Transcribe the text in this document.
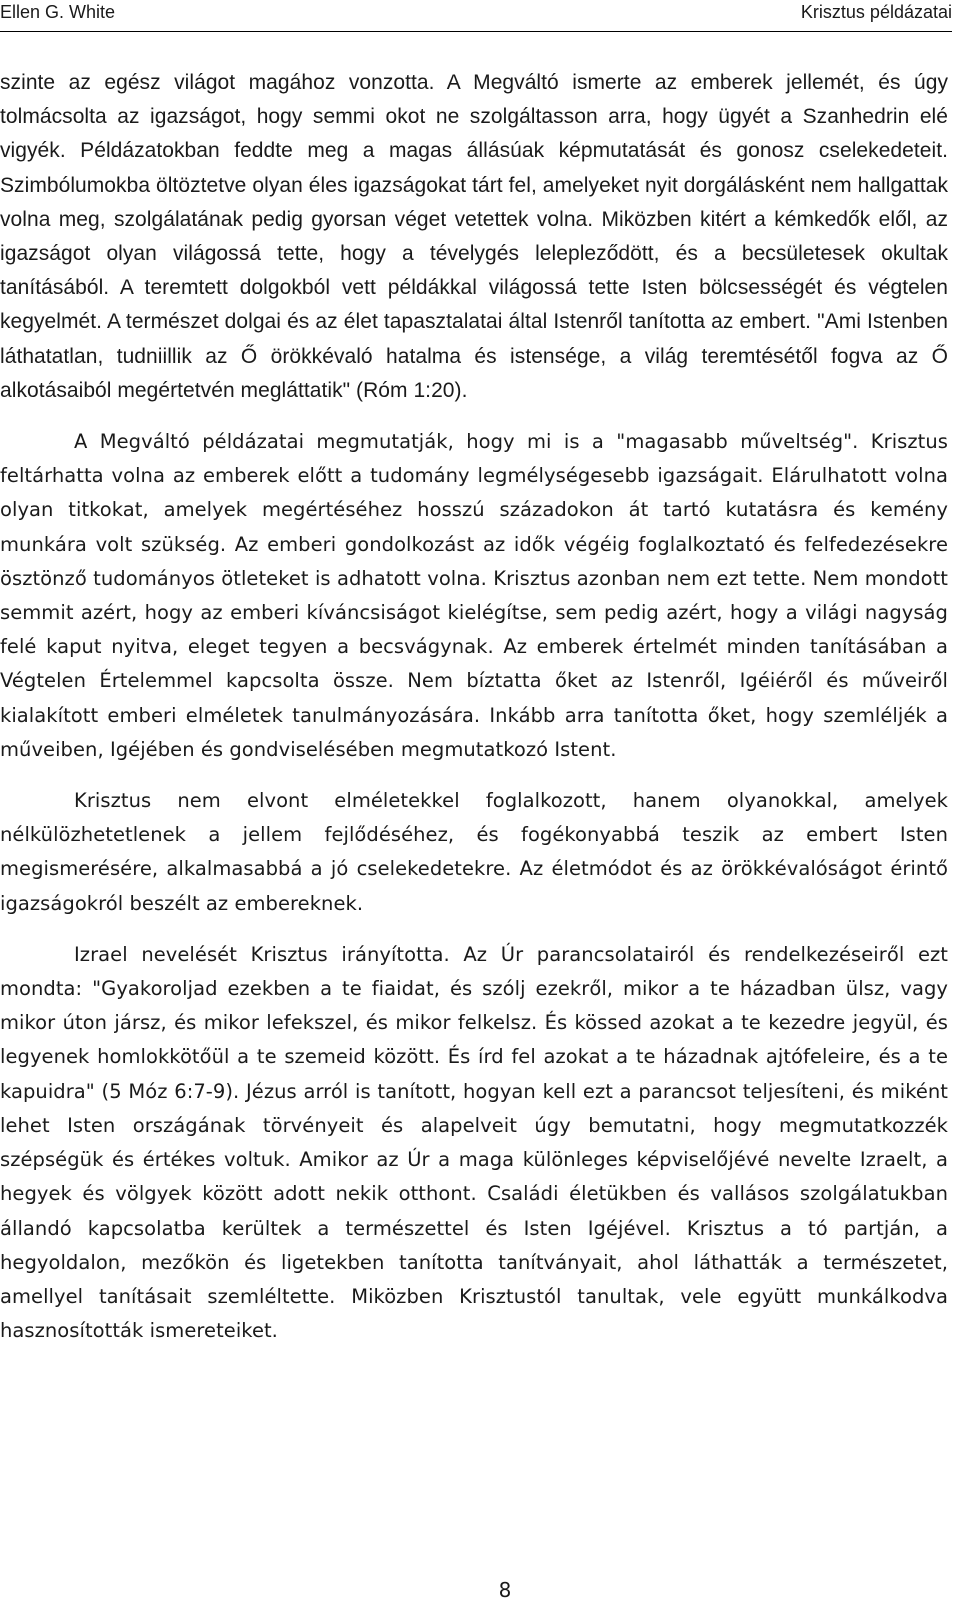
Ellen G. White	Krisztus példázatai

szinte az egész világot magához vonzotta. A Megváltó ismerte az emberek jellemét, és úgy tolmácsolta az igazságot, hogy semmi okot ne szolgáltasson arra, hogy ügyét a Szanhedrin elé vigyék. Példázatokban feddte meg a magas állásúak képmutatását és gonosz cselekedeteit. Szimbólumokba öltöztetve olyan éles igazságokat tárt fel, amelyeket nyit dorgálásként nem hallgattak volna meg, szolgálatának pedig gyorsan véget vetettek volna. Miközben kitért a kémkedők elől, az igazságot olyan világossá tette, hogy a tévelygés lelepleződött, és a becsületesek okultak tanításából. A teremtett dolgokból vett példákkal világossá tette Isten bölcsességét és végtelen kegyelmét. A természet dolgai és az élet tapasztalatai által Istenről tanította az embert. "Ami Istenben láthatatlan, tudniillik az Ő örökkévaló hatalma és istensége, a világ teremtésétől fogva az Ő alkotásaiból megértetvén megláttatik" (Róm 1:20).

A Megváltó példázatai megmutatják, hogy mi is a "magasabb műveltség". Krisztus feltárhatta volna az emberek előtt a tudomány legmélységesebb igazságait. Elárulhatott volna olyan titkokat, amelyek megértéséhez hosszú századokon át tartó kutatásra és kemény munkára volt szükség. Az emberi gondolkozást az idők végéig foglalkoztató és felfedezésekre ösztönző tudományos ötleteket is adhatott volna. Krisztus azonban nem ezt tette. Nem mondott semmit azért, hogy az emberi kíváncsiságot kielégítse, sem pedig azért, hogy a világi nagyság felé kaput nyitva, eleget tegyen a becsvágynak. Az emberek értelmét minden tanításában a Végtelen Értelemmel kapcsolta össze. Nem bíztatta őket az Istenről, Igéiéről és műveiről kialakított emberi elméletek tanulmányozására. Inkább arra tanította őket, hogy szemléljék a műveiben, Igéjében és gondviselésében megmutatkozó Istent.

Krisztus nem elvont elméletekkel foglalkozott, hanem olyanokkal, amelyek nélkülözhetetlenek a jellem fejlődéséhez, és fogékonyabbá teszik az embert Isten megismerésére, alkalmasabbá a jó cselekedetekre. Az életmódot és az örökkévalóságot érintő igazságokról beszélt az embereknek.

Izrael nevelését Krisztus irányította. Az Úr parancsolatairól és rendelkezéseiről ezt mondta: "Gyakoroljad ezekben a te fiaidat, és szólj ezekről, mikor a te házadban ülsz, vagy mikor úton jársz, és mikor lefekszel, és mikor felkelsz. És kössed azokat a te kezedre jegyül, és legyenek homlokkötőül a te szemeid között. És írd fel azokat a te házadnak ajtófeleire, és a te kapuidra" (5 Móz 6:7-9). Jézus arról is tanított, hogyan kell ezt a parancsot teljesíteni, és miként lehet Isten országának törvényeit és alapelveit úgy bemutatni, hogy megmutatkozzék szépségük és értékes voltuk. Amikor az Úr a maga különleges képviselőjévé nevelte Izraelt, a hegyek és völgyek között adott nekik otthont. Családi életükben és vallásos szolgálatukban állandó kapcsolatba kerültek a természettel és Isten Igéjével. Krisztus a tó partján, a hegyoldalon, mezőkön és ligetekben tanította tanítványait, ahol láthatták a természetet, amellyel tanításait szemléltette. Miközben Krisztustól tanultak, vele együtt munkálkodva hasznosították ismereteiket.

8
